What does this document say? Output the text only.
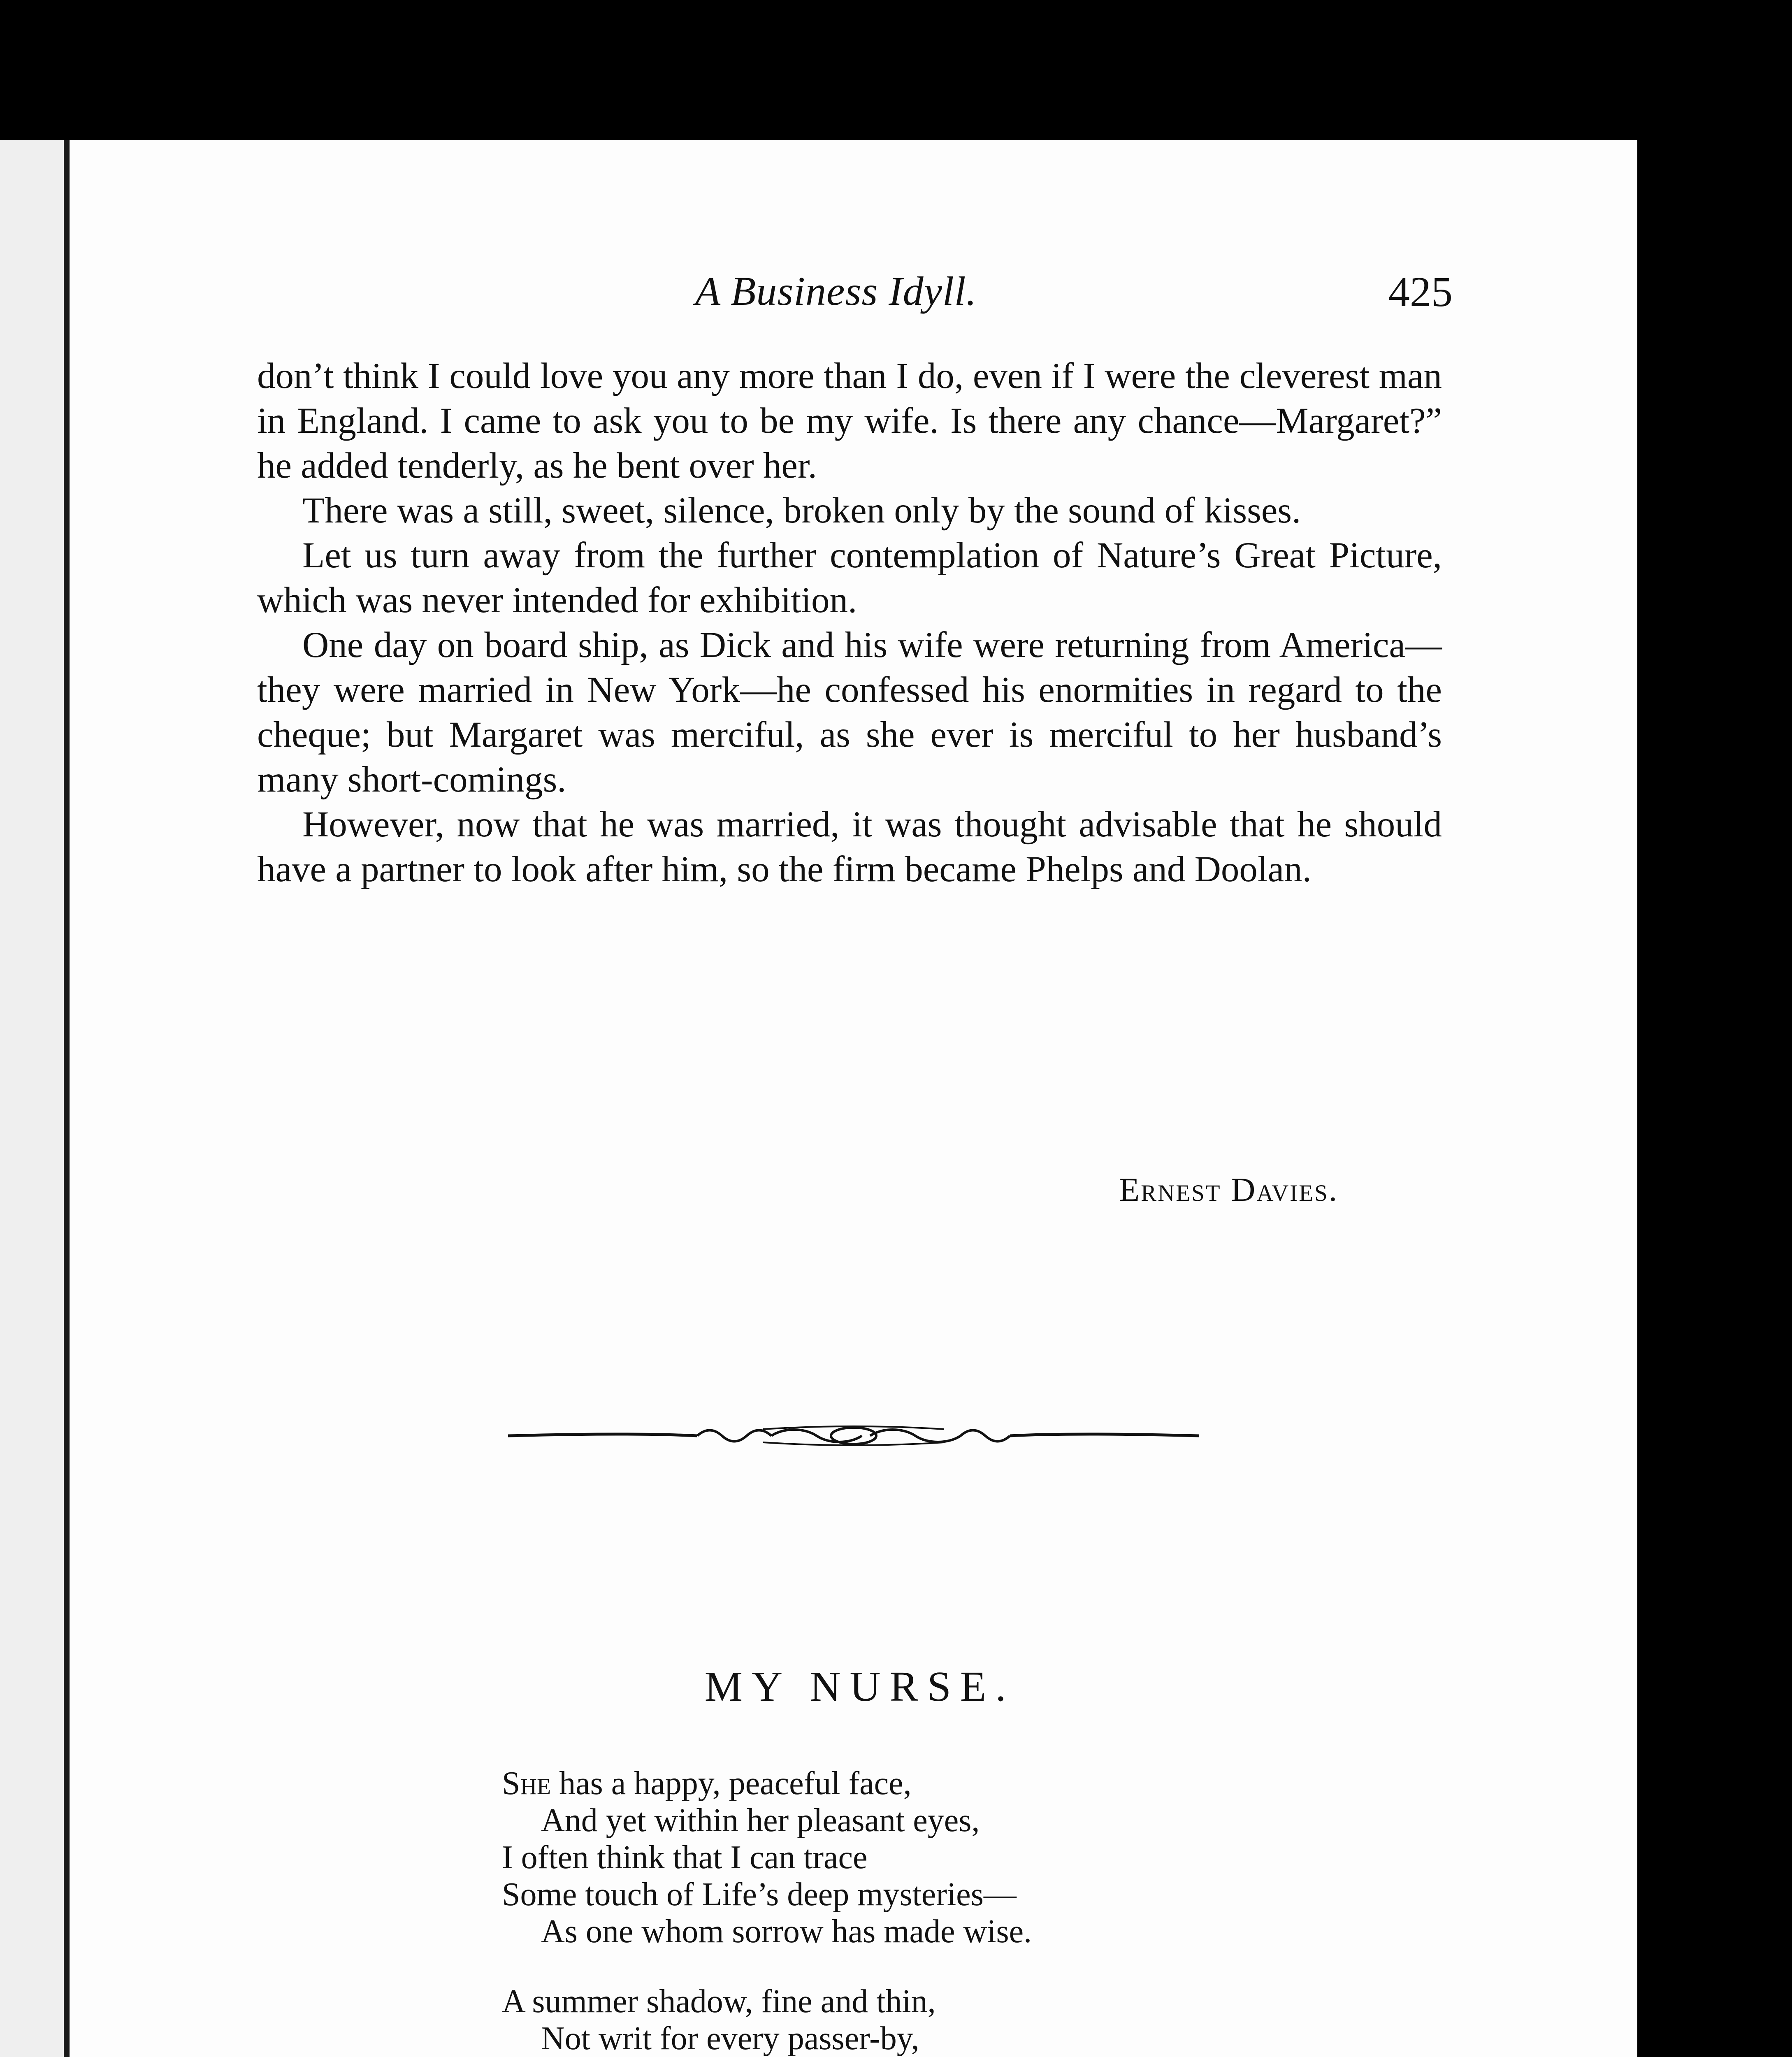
A Business Idyll.	425

don’t think I could love you any more than I do, even if I were the cleverest man in England. I came to ask you to be my wife. Is there any chance—Margaret?” he added tenderly, as he bent over her.

There was a still, sweet, silence, broken only by the sound of kisses.

Let us turn away from the further contemplation of Nature’s Great Picture, which was never intended for exhibition.

One day on board ship, as Dick and his wife were returning from America—they were married in New York—he confessed his enormities in regard to the cheque; but Margaret was merciful, as she ever is merciful to her husband’s many short-comings.

However, now that he was married, it was thought advisable that he should have a partner to look after him, so the firm became Phelps and Doolan.

Ernest Davies.
MY NURSE.
She has a happy, peaceful face,
And yet within her pleasant eyes,
I often think that I can trace
Some touch of Life’s deep mysteries—
As one whom sorrow has made wise.
A summer shadow, fine and thin,
Not writ for every passer-by,
